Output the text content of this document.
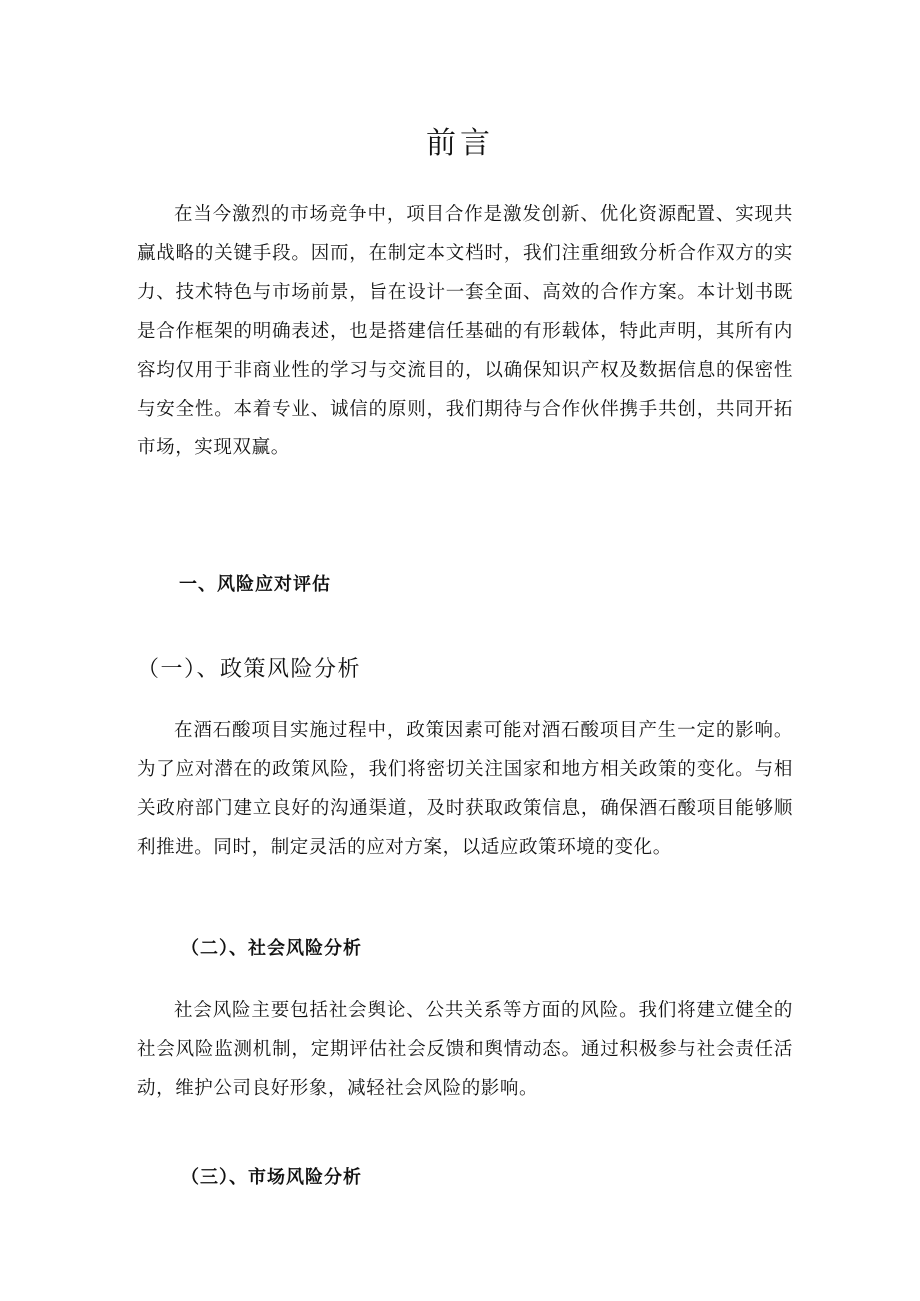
前言

在当今激烈的市场竞争中，项目合作是激发创新、优化资源配置、实现共赢战略的关键手段。因而，在制定本文档时，我们注重细致分析合作双方的实力、技术特色与市场前景，旨在设计一套全面、高效的合作方案。本计划书既是合作框架的明确表述，也是搭建信任基础的有形载体，特此声明，其所有内容均仅用于非商业性的学习与交流目的，以确保知识产权及数据信息的保密性与安全性。本着专业、诚信的原则，我们期待与合作伙伴携手共创，共同开拓市场，实现双赢。

一、风险应对评估
（一）、政策风险分析

在酒石酸项目实施过程中，政策因素可能对酒石酸项目产生一定的影响。为了应对潜在的政策风险，我们将密切关注国家和地方相关政策的变化。与相关政府部门建立良好的沟通渠道，及时获取政策信息，确保酒石酸项目能够顺利推进。同时，制定灵活的应对方案，以适应政策环境的变化。

（二）、社会风险分析

社会风险主要包括社会舆论、公共关系等方面的风险。我们将建立健全的社会风险监测机制，定期评估社会反馈和舆情动态。通过积极参与社会责任活动，维护公司良好形象，减轻社会风险的影响。

（三）、市场风险分析
